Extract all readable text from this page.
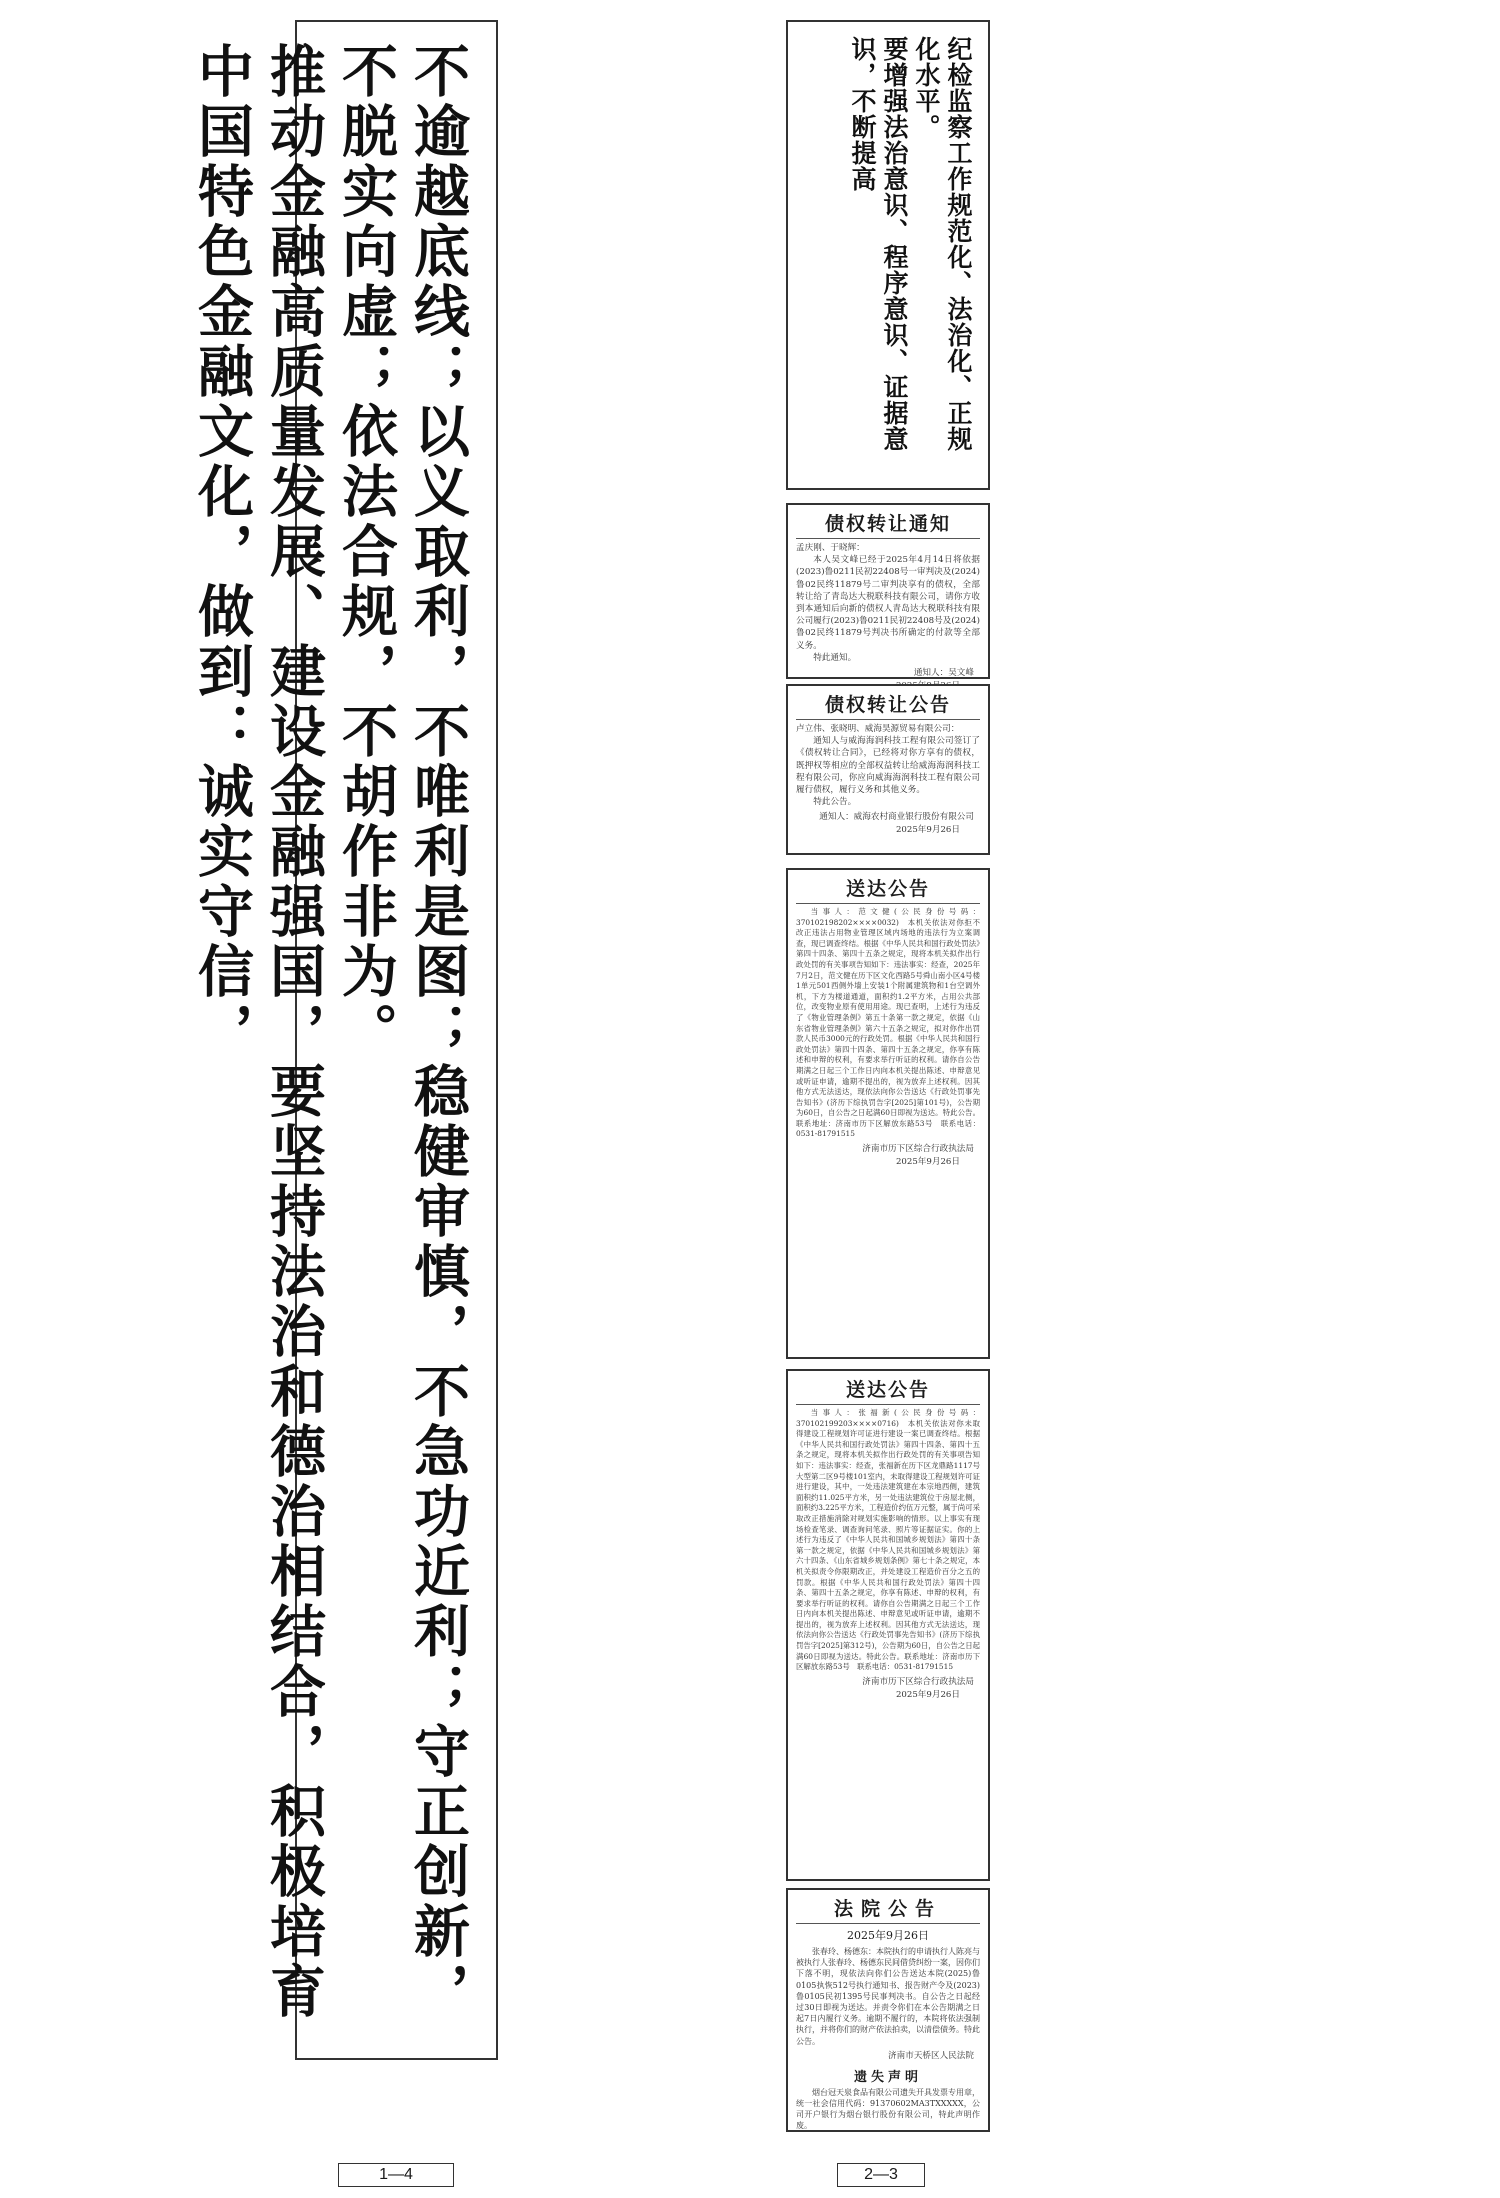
不逾越底线；以义取利，不唯利是图；稳健审慎，不急功近利；守正创新，不脱实向虚；依法合规，不胡作非为。
推动金融高质量发展、建设金融强国，要坚持法治和德治相结合，积极培育中国特色金融文化，做到：诚实守信，	纪检监察工作规范化、法治化、正规化水平。
要增强法治意识、程序意识、证据意识，不断提高
债权转让通知

孟庆刚、于晓辉：

本人吴文峰已经于2025年4月14日将依据(2023)鲁0211民初22408号一审判决及(2024)鲁02民终11879号二审判决享有的债权，全部转让给了青岛达大税联科技有限公司，请你方收到本通知后向新的债权人青岛达大税联科技有限公司履行(2023)鲁0211民初22408号及(2024)鲁02民终11879号判决书所确定的付款等全部义务。

特此通知。

通知人：吴文峰
债权转让公告

卢立伟、张晓明、威海昊源贸易有限公司：

通知人与威海海润科技工程有限公司签订了《债权转让合同》，已经将对你方享有的债权，既押权等相应的全部权益转让给威海海润科技工程有限公司，你应向威海海润科技工程有限公司履行债权，履行义务和其他义务。

特此公告。

通知人：威海农村商业银行股份有限公司
2025年9月26日
送达公告

当事人：范文健(公民身份号码：370102198202××××0032)　本机关依法对你拒不改正违法占用物业管理区域内场地的违法行为立案调查，现已调查终结。根据《中华人民共和国行政处罚法》第四十四条、第四十五条之规定，现将本机关拟作出行政处罚的有关事项告知如下：违法事实：经查，2025年7月2日，范文健在历下区文化西路5号舜山南小区4号楼1单元501西侧外墙上安装1个附属建筑物和1台空调外机，下方为楼道通道，面积约1.2平方米，占用公共部位，改变物业原有使用用途。现已查明，上述行为违反了《物业管理条例》第五十条第一款之规定，依据《山东省物业管理条例》第六十五条之规定，拟对你作出罚款人民币3000元的行政处罚。根据《中华人民共和国行政处罚法》第四十四条、第四十五条之规定，你享有陈述和申辩的权利，有要求举行听证的权利。请你自公告期满之日起三个工作日内向本机关提出陈述、申辩意见或听证申请，逾期不提出的，视为放弃上述权利。因其他方式无法送达，现依法向你公告送达《行政处罚事先告知书》(济历下综执罚告字[2025]第101号)，公告期为60日，自公告之日起满60日即视为送达。特此公告。联系地址：济南市历下区解放东路53号　联系电话：0531-81791515

济南市历下区综合行政执法局
2025年9月26日
送达公告

当事人：张福新(公民身份号码：370102199203××××0716)　本机关依法对你未取得建设工程规划许可证进行建设一案已调查终结。根据《中华人民共和国行政处罚法》第四十四条、第四十五条之规定，现将本机关拟作出行政处罚的有关事项告知如下：违法事实：经查，张福新在历下区龙鼎路1117号大型第二区9号楼101室内，未取得建设工程规划许可证进行建设，其中，一处违法建筑建在本宗地西侧，建筑面积约11.025平方米，另一处违法建筑位于房屋北侧，面积约3.225平方米，工程造价约伍万元整，属于尚可采取改正措施消除对规划实施影响的情形。以上事实有现场检查笔录、调查询问笔录、照片等证据证实。你的上述行为违反了《中华人民共和国城乡规划法》第四十条第一款之规定，依据《中华人民共和国城乡规划法》第六十四条、《山东省城乡规划条例》第七十条之规定，本机关拟责令你限期改正，并处建设工程造价百分之五的罚款。根据《中华人民共和国行政处罚法》第四十四条、第四十五条之规定，你享有陈述、申辩的权利，有要求举行听证的权利。请你自公告期满之日起三个工作日内向本机关提出陈述、申辩意见或听证申请，逾期不提出的，视为放弃上述权利。因其他方式无法送达，现依法向你公告送达《行政处罚事先告知书》(济历下综执罚告字[2025]第312号)，公告期为60日，自公告之日起满60日即视为送达。特此公告。联系地址：济南市历下区解放东路53号　联系电话：0531-81791515

济南市历下区综合行政执法局
2025年9月26日
法院公告
2025年9月26日

张春玲、杨德东：本院执行的申请执行人陈亮与被执行人张春玲、杨德东民间借贷纠纷一案，因你们下落不明，现依法向你们公告送达本院(2025)鲁0105执恢512号执行通知书、报告财产令及(2023)鲁0105民初1395号民事判决书。自公告之日起经过30日即视为送达。并责令你们在本公告期满之日起7日内履行义务。逾期不履行的，本院将依法强制执行，并将你们的财产依法拍卖，以清偿债务。特此公告。

济南市天桥区人民法院
遗失声明

烟台冠天泉食品有限公司遗失开具发票专用章，统一社会信用代码：91370602MA3TXXXXX，公司开户银行为烟台银行股份有限公司，特此声明作废。

1—4	2—3
